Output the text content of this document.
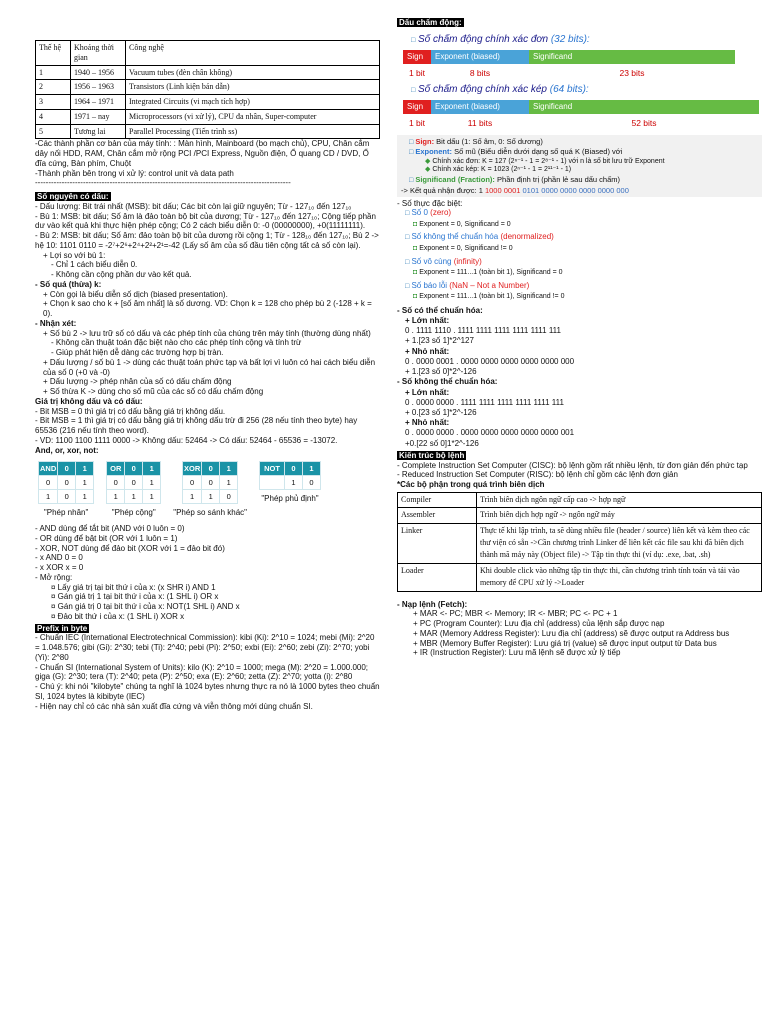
Thế hệ	Khoảng thời gian	Công nghệ
1	1940 – 1956	Vacuum tubes (đèn chân không)
2	1956 – 1963	Transistors (Linh kiện bán dẫn)
3	1964 – 1971	Integrated Circuits (vi mạch tích hợp)
4	1971 – nay	Microprocessors (vi xử lý), CPU đa nhân, Super-computer
5	Tương lai	Parallel Processing (Tiến trình ss)

-Các thành phần cơ bản của máy tính: : Màn hình, Mainboard (bo mạch chủ), CPU, Chân cắm dây nối HDD, RAM, Chân cắm mở rộng PCI /PCI Express, Nguồn điện, Ổ quang CD / DVD, Ổ đĩa cứng, Bàn phím, Chuột

-Thành phần bên trong vi xử lý: control unit và data path

------------------------------------------------------------------------------------------------

Số nguyên có dấu:

- Dấu lượng: Bit trái nhất (MSB): bit dấu; Các bit còn lại giữ nguyên; Từ - 127₁₀ đến 127₁₀

- Bù 1: MSB: bit dấu; Số âm là đảo toàn bộ bit của dương; Từ - 127₁₀ đến 127₁₀; Cộng tiếp phần dư vào kết quả khi thực hiện phép cộng; Có 2 cách biểu diễn 0: -0 (00000000), +0(11111111).

- Bù 2: MSB: bit dấu; Số âm: đảo toàn bộ bit của dương rồi cộng 1; Từ - 128₁₀ đến 127₁₀; Bù 2 -> hệ 10: 1101 0110 = -2⁷+2⁶+2⁴+2²+2¹=-42 (Lấy số âm của số đầu tiên cộng tất cả số còn lại).

+ Lợi so với bù 1:

- Chỉ 1 cách biểu diễn 0.

- Không cần cộng phần dư vào kết quả.

- Số quá (thừa) k:

+ Còn gọi là biểu diễn số dịch (biased presentation).

+ Chọn k sao cho k + [số âm nhất] là số dương. VD: Chọn k = 128 cho phép bù 2 (-128 + k = 0).

- Nhận xét:

+ Số bù 2 -> lưu trữ số có dấu và các phép tính của chúng trên máy tính (thường dùng nhất)

- Không cần thuật toán đặc biệt nào cho các phép tính cộng và tính trừ

- Giúp phát hiện dễ dàng các trường hợp bị tràn.

+ Dấu lượng / số bù 1 -> dùng các thuật toán phức tạp và bất lợi vì luôn có hai cách biểu diễn của số 0 (+0 và -0)

+ Dấu lượng -> phép nhân của số có dấu chấm động

+ Số thừa K -> dùng cho số mũ của các số có dấu chấm động

Giá trị không dấu và có dấu:

- Bit MSB = 0 thì giá trị có dấu bằng giá trị không dấu.

- Bit MSB = 1 thì giá trị có dấu bằng giá trị không dấu trừ đi 256 (28 nếu tính theo byte) hay 65536 (216 nếu tính theo word).

- VD: 1100 1100 1111 0000 -> Không dấu: 52464 -> Có dấu: 52464 - 65536 = -13072.

And, or, xor, not:

AND	0	1
0	0	1
1	0	1
"Phép nhân"
OR	0	1
0	0	1
1	1	1
"Phép cộng"
XOR	0	1
0	0	1
1	1	0
"Phép so sánh khác"
NOT	0	1
	1	0
"Phép phủ định"

- AND dùng để tắt bit (AND với 0 luôn = 0)

- OR dùng để bật bit (OR với 1 luôn = 1)

- XOR, NOT dùng để đảo bit (XOR với 1 = đảo bit đó)

- x AND 0 = 0

- x XOR x = 0

- Mở rộng:

¤ Lấy giá trị tại bit thứ i của x: (x SHR i) AND 1

¤ Gán giá trị 1 tại bit thứ i của x: (1 SHL i) OR x

¤ Gán giá trị 0 tại bit thứ i của x: NOT(1 SHL i) AND x

¤ Đảo bit thứ i của x: (1 SHL i) XOR x

Prefix in byte

- Chuẩn IEC (International Electrotechnical Commission): kibi (Ki): 2^10 = 1024; mebi (Mi): 2^20 = 1.048.576; gibi (Gi): 2^30; tebi (Ti): 2^40; pebi (Pi): 2^50; exbi (Ei): 2^60; zebi (Zi): 2^70; yobi (Yi): 2^80

- Chuẩn SI (International System of Units): kilo (K): 2^10 = 1000; mega (M): 2^20 = 1.000.000; giga (G): 2^30; tera (T): 2^40; peta (P): 2^50; exa (E): 2^60; zetta (Z): 2^70; yotta (i): 2^80

- Chú ý: khi nói "kilobyte" chúng ta nghĩ là 1024 bytes nhưng thực ra nó là 1000 bytes theo chuẩn SI, 1024 bytes là kibibyte (IEC)

- Hiện nay chỉ có các nhà sản xuất đĩa cứng và viễn thông mới dùng chuẩn SI.

Dấu chấm động:

□ Số chấm động chính xác đơn (32 bits):

Sign	Exponent (biased)	Significand
1 bit	8 bits	23 bits

□ Số chấm động chính xác kép (64 bits):

Sign	Exponent (biased)	Significand
1 bit	11 bits	52 bits

□ Sign: Bit dấu (1: Số âm, 0: Số dương)

□ Exponent: Số mũ (Biểu diễn dưới dạng số quá K (Biased) với

◆ Chính xác đơn: K = 127 (2ⁿ⁻¹ - 1 = 2⁸⁻¹ - 1) với n là số bit lưu trữ Exponent

◆ Chính xác kép: K = 1023 (2ⁿ⁻¹ - 1 = 2¹¹⁻¹ - 1)

□ Significand (Fraction): Phần định trị (phần lẻ sau dấu chấm)

-> Kết quả nhận được: 1 1000 0001 0101 0000 0000 0000 0000 000

- Số thực đặc biệt:

□ Số 0 (zero)

◘ Exponent = 0, Significand = 0

□ Số không thể chuẩn hóa (denormalized)

◘ Exponent = 0, Significand != 0

□ Số vô cùng (infinity)

◘ Exponent = 111...1 (toàn bit 1), Significand = 0

□ Số báo lỗi (NaN – Not a Number)

◘ Exponent = 111...1 (toàn bit 1), Significand != 0

- Số có thể chuẩn hóa:

+ Lớn nhất:

0 . 1111 1110 . 1111 1111 1111 1111 1111 111

+ 1.[23 số 1]*2^127

+ Nhỏ nhất:

0 . 0000 0001 . 0000 0000 0000 0000 0000 000

+ 1.[23 số 0]*2^-126

- Số không thể chuẩn hóa:

+ Lớn nhất:

0 . 0000 0000 . 1111 1111 1111 1111 1111 111

+ 0.[23 số 1]*2^-126

+ Nhỏ nhất:

0 . 0000 0000 . 0000 0000 0000 0000 0000 001

+0.[22 số 0]1*2^-126

Kiến trúc bộ lệnh

- Complete Instruction Set Computer (CISC): bộ lệnh gồm rất nhiều lệnh, từ đơn giản đến phức tạp

- Reduced Instruction Set Computer (RISC): bộ lệnh chỉ gồm các lệnh đơn giản

*Các bộ phận trong quá trình biên dịch

Compiler	Trình biên dịch ngôn ngữ cấp cao -> hợp ngữ
Assembler	Trình biên dịch hợp ngữ -> ngôn ngữ máy
Linker	Thực tế khi lập trình, ta sẽ dùng nhiều file (header / source) liên kết và kèm theo các thư viện có sẵn ->Cần chương trình Linker để liên kết các file sau khi đã biên dịch thành mã máy này (Object file) -> Tập tin thực thi (ví dụ: .exe, .bat, .sh)
Loader	Khi double click vào những tập tin thực thi, cần chương trình tính toán và tải vào memory để CPU xử lý ->Loader

- Nạp lệnh (Fetch):

+ MAR <- PC; MBR <- Memory; IR <- MBR; PC <- PC + 1

+ PC (Program Counter): Lưu địa chỉ (address) của lệnh sắp được nạp

+ MAR (Memory Address Register): Lưu địa chỉ (address) sẽ được output ra Address bus

+ MBR (Memory Buffer Register): Lưu giá trị (value) sẽ được input output từ Data bus

+ IR (Instruction Register): Lưu mã lệnh sẽ được xử lý tiếp
